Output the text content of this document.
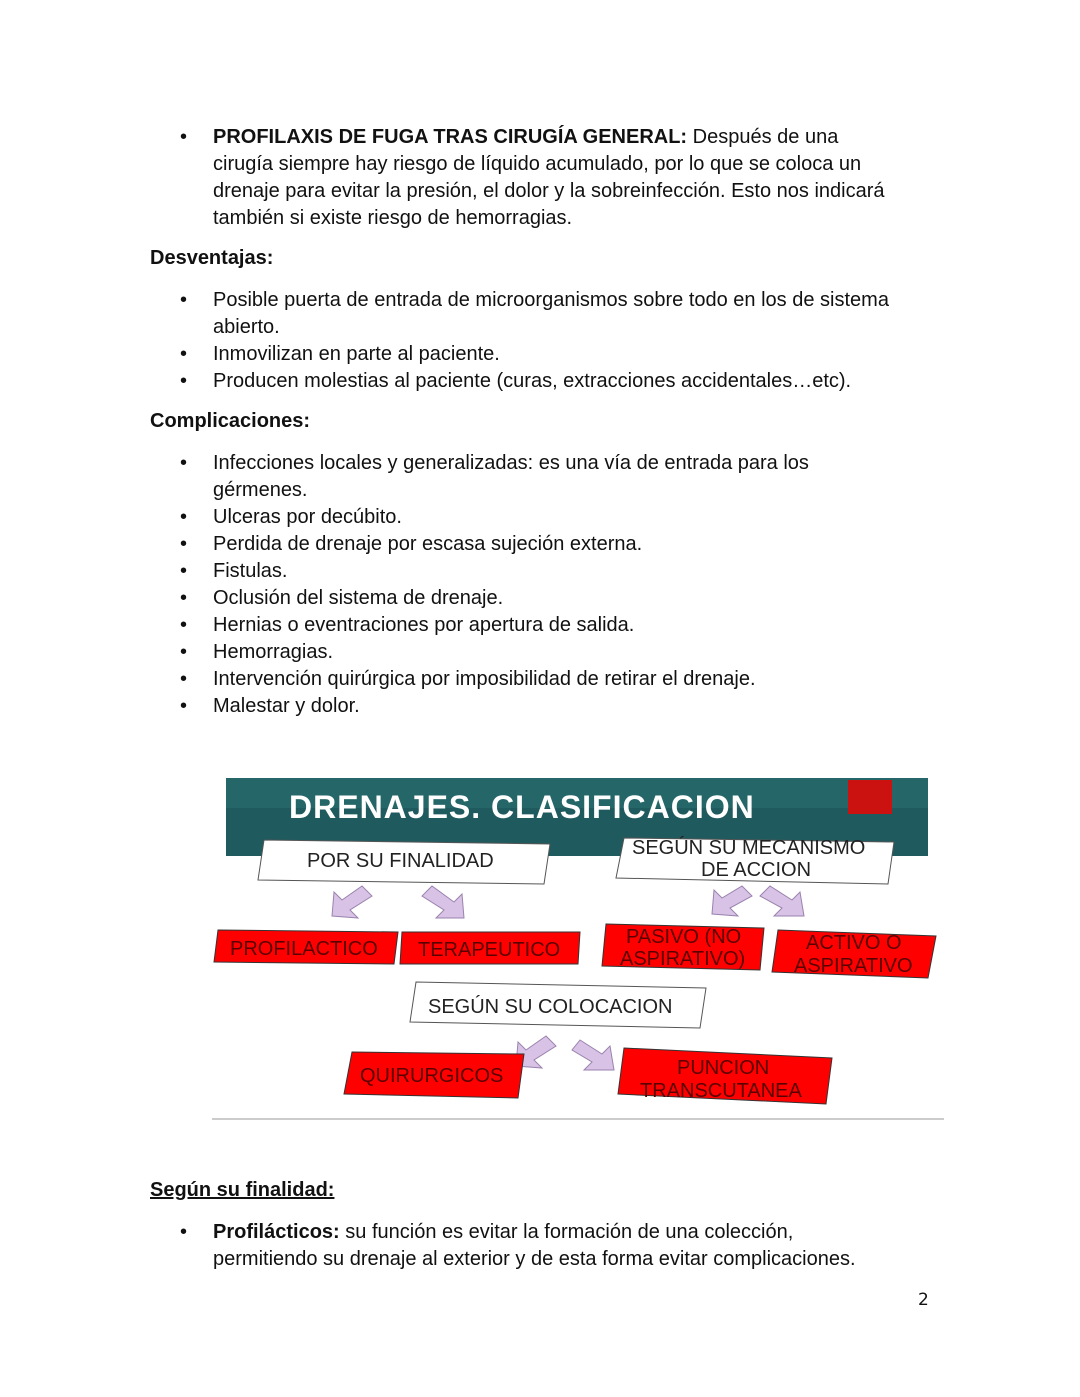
• PROFILAXIS DE FUGA TRAS CIRUGÍA GENERAL: Después de una
cirugía siempre hay riesgo de líquido acumulado, por lo que se coloca un
drenaje para evitar la presión, el dolor y la sobreinfección. Esto nos indicará
también si existe riesgo de hemorragias.

Desventajas:

• Posible puerta de entrada de microorganismos sobre todo en los de sistema
abierto.
• Inmovilizan en parte al paciente.
• Producen molestias al paciente (curas, extracciones accidentales…etc).

Complicaciones:

• Infecciones locales y generalizadas: es una vía de entrada para los
gérmenes.
• Ulceras por decúbito.
• Perdida de drenaje por escasa sujeción externa.
• Fistulas.
• Oclusión del sistema de drenaje.
• Hernias o eventraciones por apertura de salida.
• Hemorragias.
• Intervención quirúrgica por imposibilidad de retirar el drenaje.
• Malestar y dolor.
DRENAJES. CLASIFICACION
POR SU FINALIDAD
SEGÚN SU MECANISMO
DE ACCION
PROFILACTICO TERAPEUTICO
PASIVO (NO
ASPIRATIVO)
ACTIVO O
ASPIRATIVO
SEGÚN SU COLOCACION
QUIRURGICOS	PUNCION
TRANSCUTANEA

Según su finalidad:

• Profilácticos: su función es evitar la formación de una colección,
permitiendo su drenaje al exterior y de esta forma evitar complicaciones.
2
